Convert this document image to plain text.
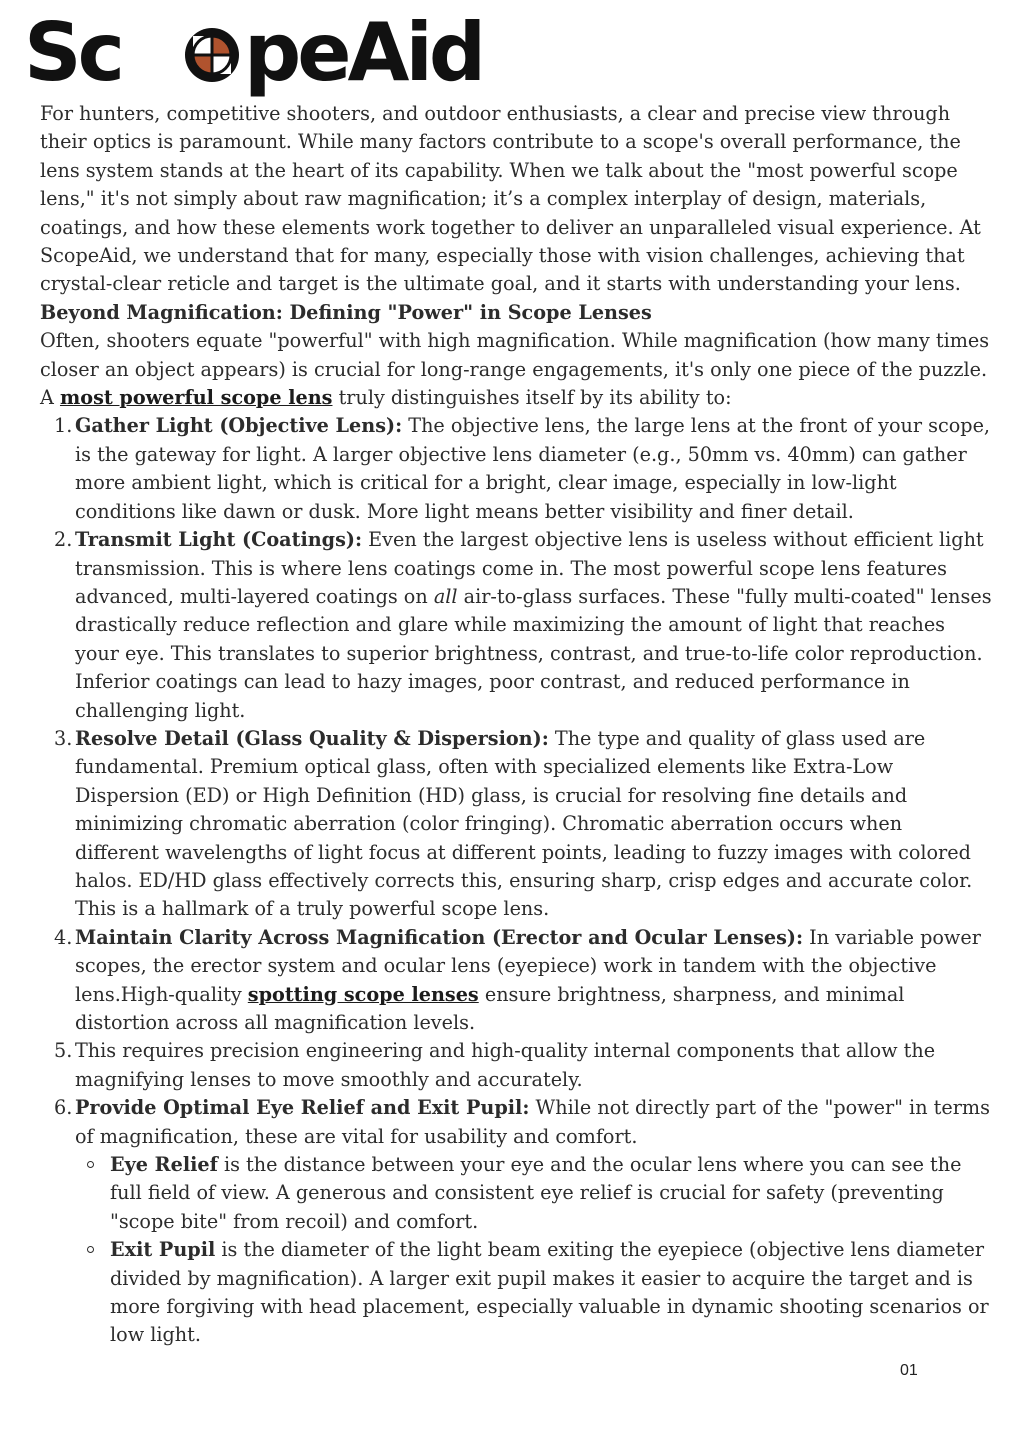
Sc peAid

For hunters, competitive shooters, and outdoor enthusiasts, a clear and precise view through their optics is paramount. While many factors contribute to a scope's overall performance, the lens system stands at the heart of its capability. When we talk about the "most powerful scope lens," it's not simply about raw magnification; it’s a complex interplay of design, materials, coatings, and how these elements work together to deliver an unparalleled visual experience. At ScopeAid, we understand that for many, especially those with vision challenges, achieving that crystal-clear reticle and target is the ultimate goal, and it starts with understanding your lens.

Beyond Magnification: Defining "Power" in Scope Lenses

Often, shooters equate "powerful" with high magnification. While magnification (how many times closer an object appears) is crucial for long-range engagements, it's only one piece of the puzzle. A most powerful scope lens truly distinguishes itself by its ability to:

1. Gather Light (Objective Lens): The objective lens, the large lens at the front of your scope, is the gateway for light. A larger objective lens diameter (e.g., 50mm vs. 40mm) can gather more ambient light, which is critical for a bright, clear image, especially in low-light conditions like dawn or dusk. More light means better visibility and finer detail.
2. Transmit Light (Coatings): Even the largest objective lens is useless without efficient light transmission. This is where lens coatings come in. The most powerful scope lens features advanced, multi-layered coatings on all air-to-glass surfaces. These "fully multi-coated" lenses drastically reduce reflection and glare while maximizing the amount of light that reaches your eye. This translates to superior brightness, contrast, and true-to-life color reproduction. Inferior coatings can lead to hazy images, poor contrast, and reduced performance in challenging light.
3. Resolve Detail (Glass Quality & Dispersion): The type and quality of glass used are fundamental. Premium optical glass, often with specialized elements like Extra-Low Dispersion (ED) or High Definition (HD) glass, is crucial for resolving fine details and minimizing chromatic aberration (color fringing). Chromatic aberration occurs when different wavelengths of light focus at different points, leading to fuzzy images with colored halos. ED/HD glass effectively corrects this, ensuring sharp, crisp edges and accurate color. This is a hallmark of a truly powerful scope lens.
4. Maintain Clarity Across Magnification (Erector and Ocular Lenses): In variable power scopes, the erector system and ocular lens (eyepiece) work in tandem with the objective lens.High-quality spotting scope lenses ensure brightness, sharpness, and minimal distortion across all magnification levels.
5. This requires precision engineering and high-quality internal components that allow the magnifying lenses to move smoothly and accurately.
6. Provide Optimal Eye Relief and Exit Pupil: While not directly part of the "power" in terms of magnification, these are vital for usability and comfort.
Eye Relief is the distance between your eye and the ocular lens where you can see the full field of view. A generous and consistent eye relief is crucial for safety (preventing "scope bite" from recoil) and comfort.
Exit Pupil is the diameter of the light beam exiting the eyepiece (objective lens diameter divided by magnification). A larger exit pupil makes it easier to acquire the target and is more forgiving with head placement, especially valuable in dynamic shooting scenarios or low light.
01
